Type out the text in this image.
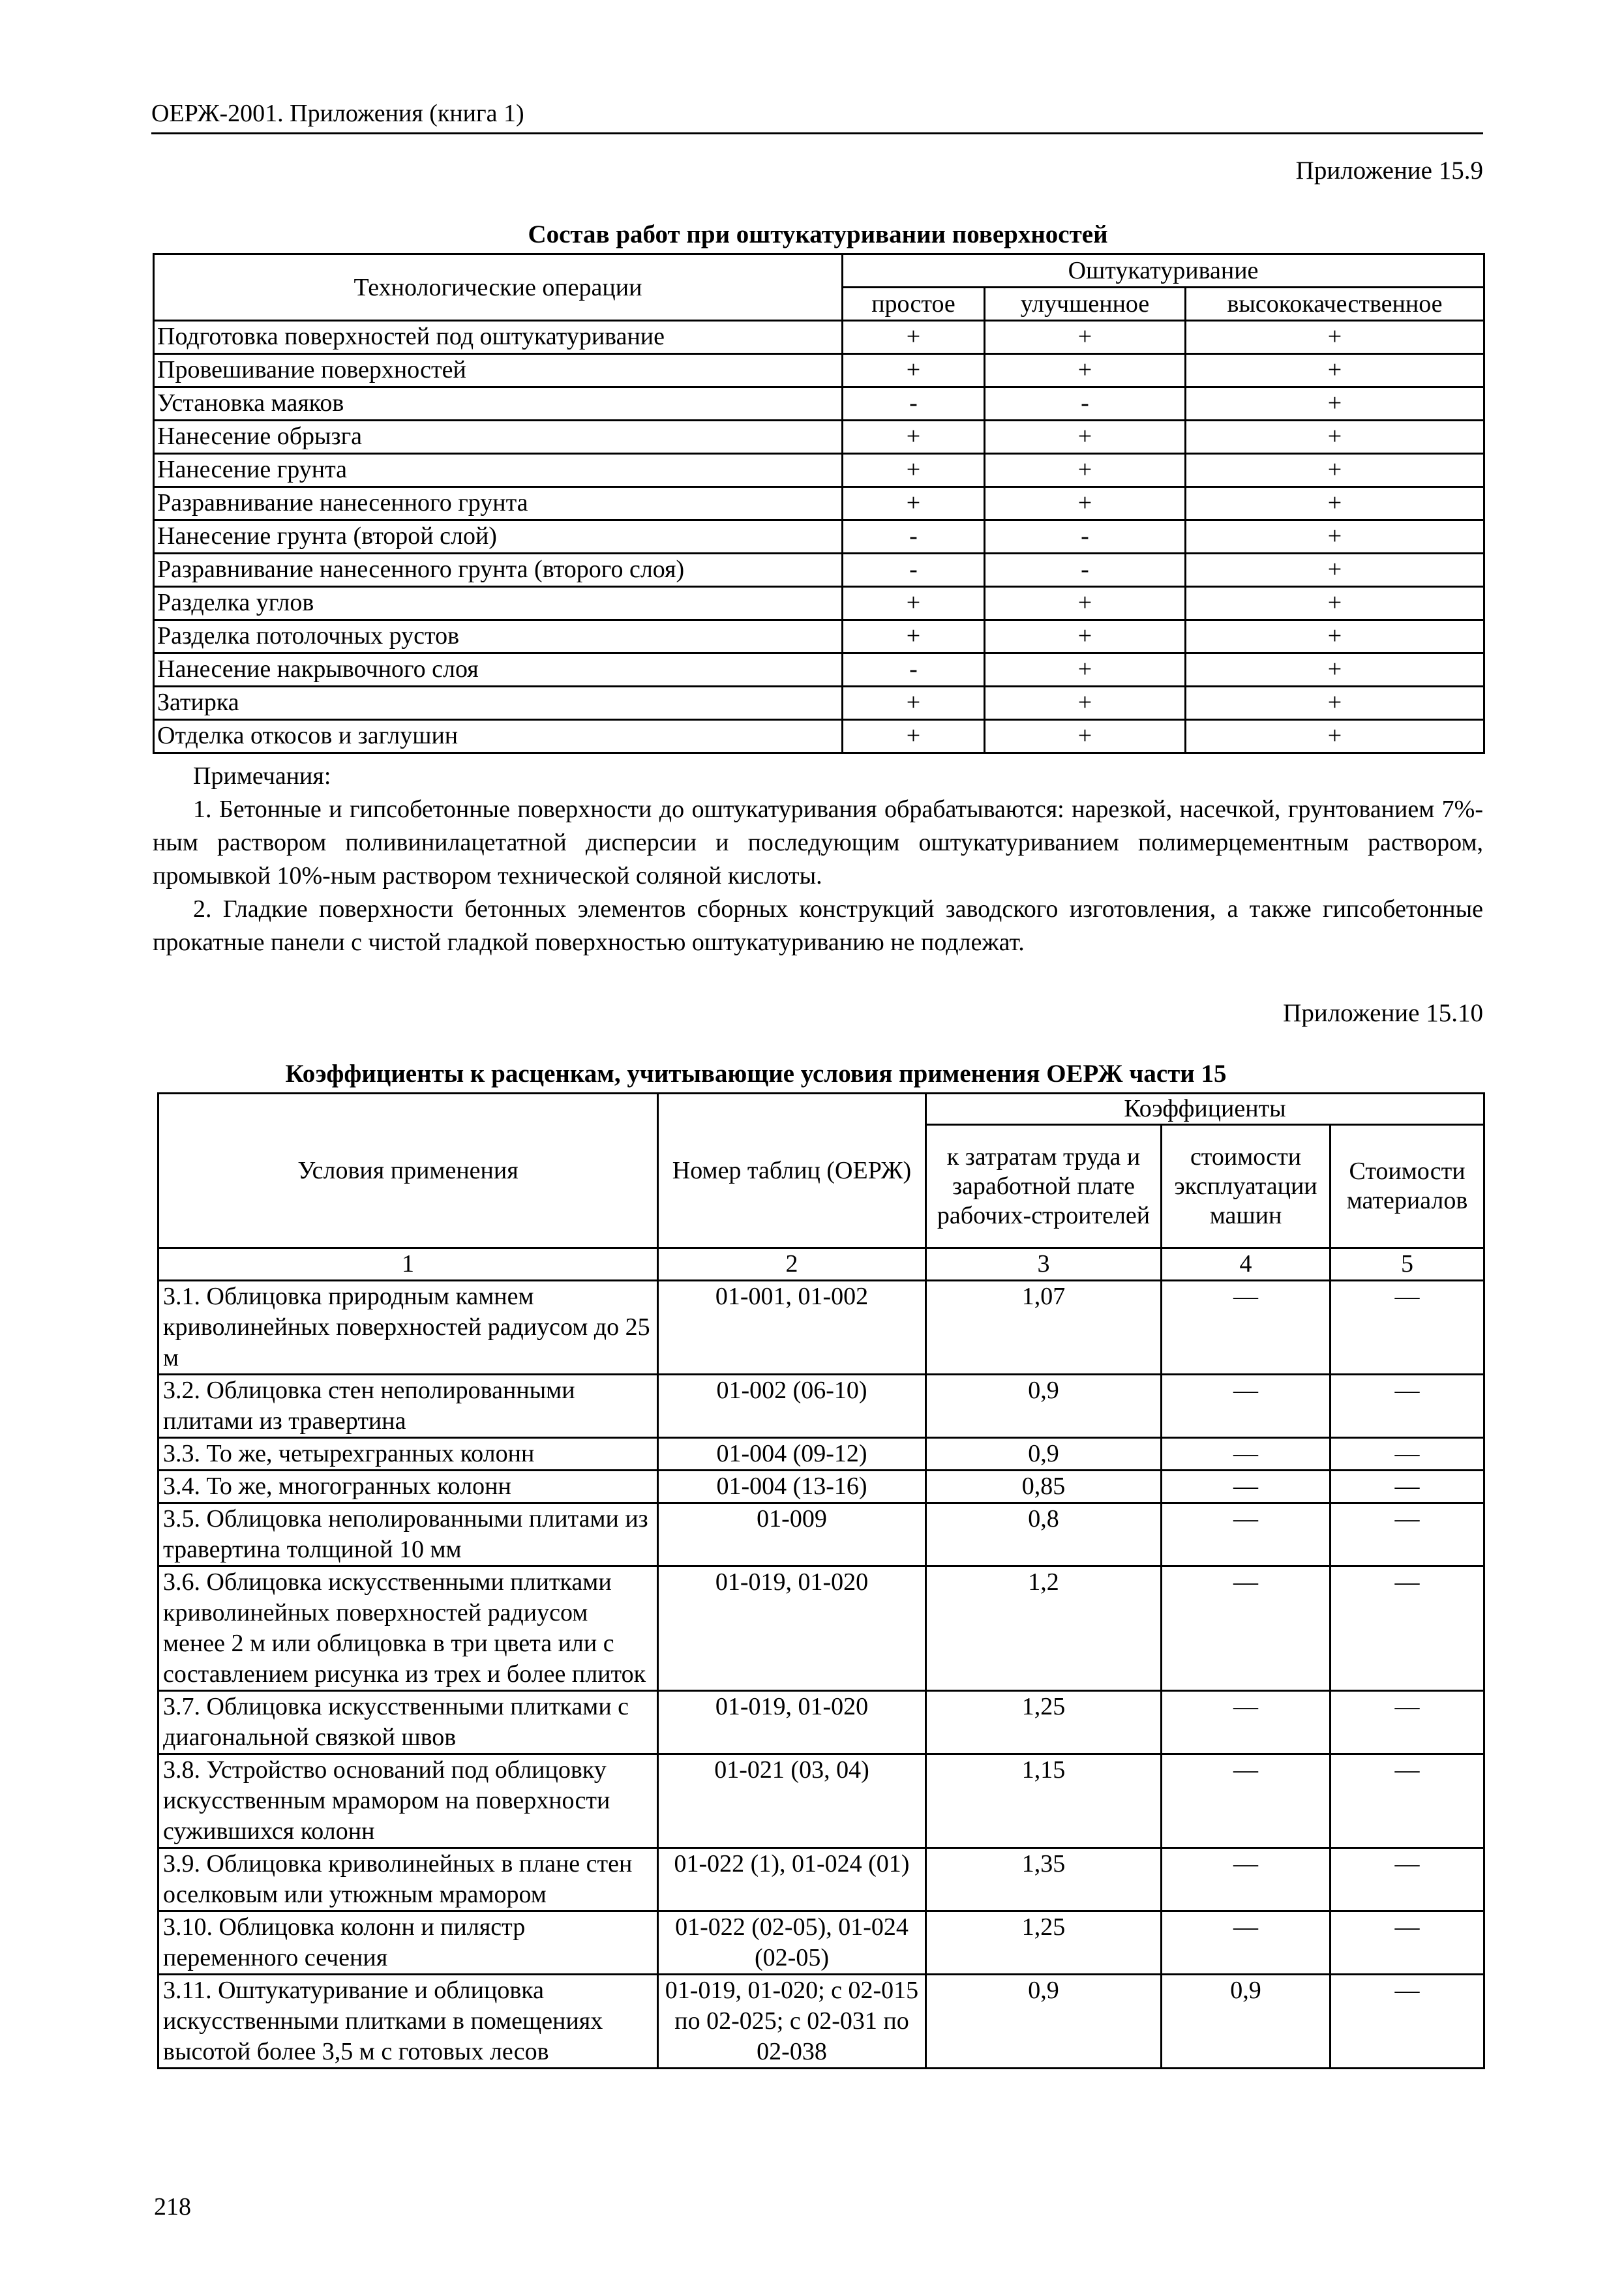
ОЕРЖ-2001. Приложения (книга 1)
Приложение 15.9
Состав работ при оштукатуривании поверхностей
Технологические операции	Оштукатуривание		
	простое	улучшенное	высококачественное
Подготовка поверхностей под оштукатуривание	+	+	+
Провешивание поверхностей	+	+	+
Установка маяков	-	-	+
Нанесение обрызга	+	+	+
Нанесение грунта	+	+	+
Разравнивание нанесенного грунта	+	+	+
Нанесение грунта (второй слой)	-	-	+
Разравнивание нанесенного грунта (второго слоя)	-	-	+
Разделка углов	+	+	+
Разделка потолочных рустов	+	+	+
Нанесение накрывочного слоя	-	+	+
Затирка	+	+	+
Отделка откосов и заглушин	+	+	+

Примечания:

1. Бетонные и гипсобетонные поверхности до оштукатуривания обрабатываются: нарезкой, насечкой, грунтованием 7%-ным раствором поливинилацетатной дисперсии и последующим оштукатуриванием полимерцементным раствором, промывкой 10%-ным раствором технической соляной кислоты.

2. Гладкие поверхности бетонных элементов сборных конструкций заводского изготовления, а также гипсобетонные прокатные панели с чистой гладкой поверхностью оштукатуриванию не подлежат.

Приложение 15.10
Коэффициенты к расценкам, учитывающие условия применения ОЕРЖ части 15
Условия применения	Номер таблиц (ОЕРЖ)	Коэффициенты		
		к затратам труда и заработной плате рабочих-строителей	стоимости эксплуатации машин	Стоимости материалов
1	2	3	4	5
3.1. Облицовка природным камнем криволинейных поверхностей радиусом до 25 м	01-001, 01-002	1,07	—	—
3.2. Облицовка стен неполированными плитами из травертина	01-002 (06-10)	0,9	—	—
3.3. То же, четырехгранных колонн	01-004 (09-12)	0,9	—	—
3.4. То же, многогранных колонн	01-004 (13-16)	0,85	—	—
3.5. Облицовка неполированными плитами из травертина толщиной 10 мм	01-009	0,8	—	—
3.6. Облицовка искусственными плитками криволинейных поверхностей радиусом менее 2 м или облицовка в три цвета или с составлением рисунка из трех и более плиток	01-019, 01-020	1,2	—	—
3.7. Облицовка искусственными плитками с диагональной связкой швов	01-019, 01-020	1,25	—	—
3.8. Устройство оснований под облицовку искусственным мрамором на поверхности сужившихся колонн	01-021 (03, 04)	1,15	—	—
3.9. Облицовка криволинейных в плане стен оселковым или утюжным мрамором	01-022 (1), 01-024 (01)	1,35	—	—
3.10. Облицовка колонн и пилястр переменного сечения	01-022 (02-05), 01-024 (02-05)	1,25	—	—
3.11. Оштукатуривание и облицовка искусственными плитками в помещениях высотой более 3,5 м с готовых лесов	01-019, 01-020; с 02-015 по 02-025; с 02-031 по 02-038	0,9	0,9	—
218
